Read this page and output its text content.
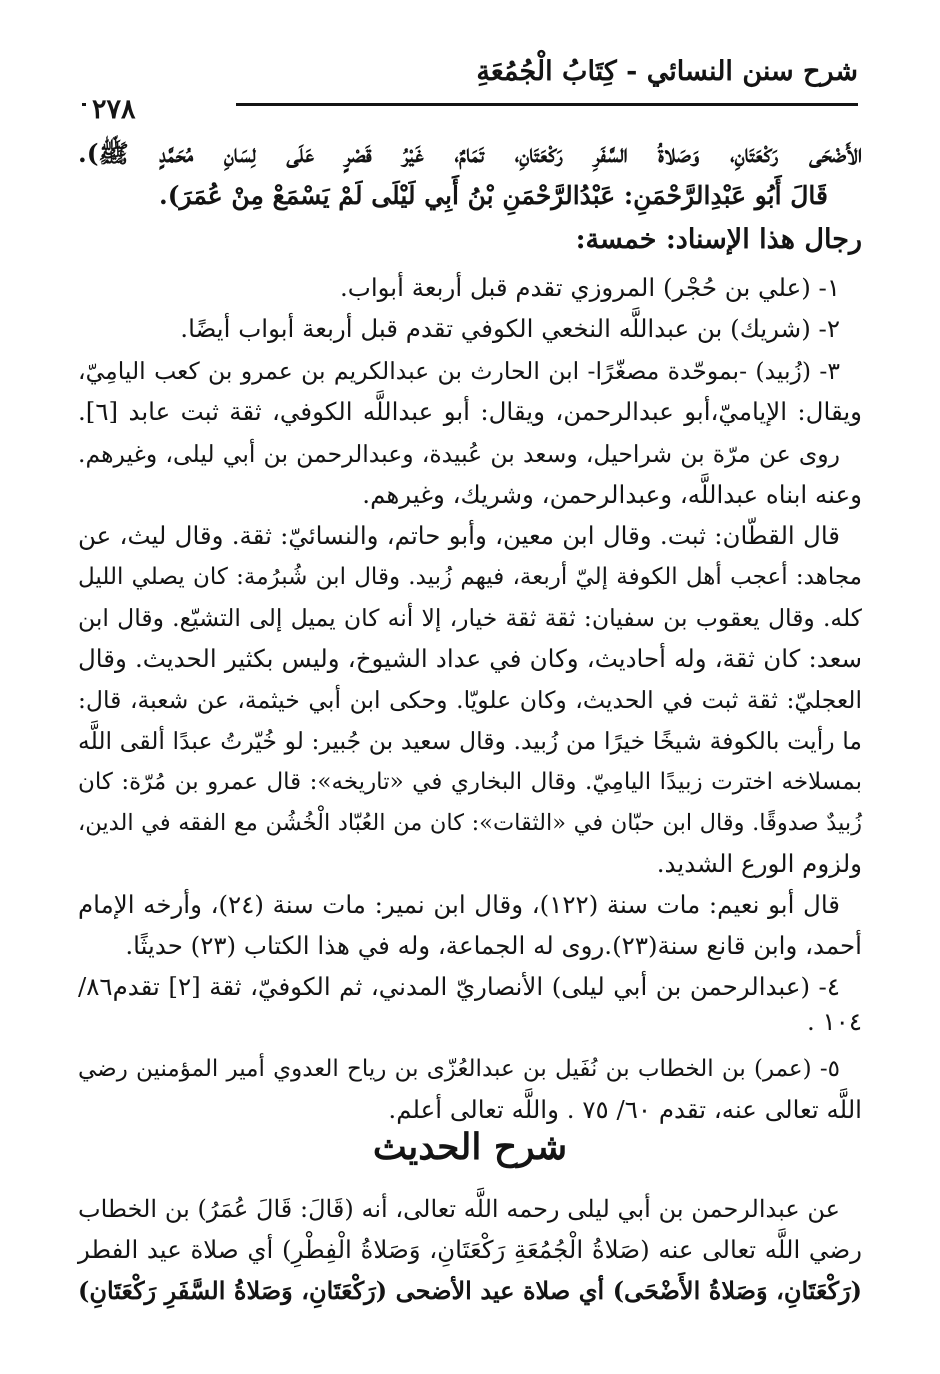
شرح سنن النسائي - كِتَابُ الْجُمُعَةِ
٢٧٨
الأَضْحَى رَكْعَتَانِ، وَصَلاةُ السَّفَرِ رَكْعَتَانِ، تَمَامٌ، غَيْرُ قَصْرٍ عَلَى لِسَانِ مُحَمَّدٍ ﷺ).
قَالَ أَبُو عَبْدِالرَّحْمَنِ: عَبْدُالرَّحْمَنِ بْنُ أَبِي لَيْلَى لَمْ يَسْمَعْ مِنْ عُمَرَ).
رجال هذا الإسناد: خمسة:
١- (علي بن حُجْر) المروزي تقدم قبل أربعة أبواب.
٢- (شريك) بن عبداللَّه النخعي الكوفي تقدم قبل أربعة أبواب أيضًا.
٣- (زُبيد) -بموحّدة مصغّرًا- ابن الحارث بن عبدالكريم بن عمرو بن كعب اليامِيّ،
ويقال: الإياميّ،أبو عبدالرحمن، ويقال: أبو عبداللَّه الكوفي، ثقة ثبت عابد [٦].
روى عن مرّة بن شراحيل، وسعد بن عُبيدة، وعبدالرحمن بن أبي ليلى، وغيرهم.
وعنه ابناه عبداللَّه، وعبدالرحمن، وشريك، وغيرهم.
قال القطّان: ثبت. وقال ابن معين، وأبو حاتم، والنسائيّ: ثقة. وقال ليث، عن
مجاهد: أعجب أهل الكوفة إليّ أربعة، فيهم زُبيد. وقال ابن شُبرُمة: كان يصلي الليل
كله. وقال يعقوب بن سفيان: ثقة ثقة خيار، إلا أنه كان يميل إلى التشيّع. وقال ابن
سعد: كان ثقة، وله أحاديث، وكان في عداد الشيوخ، وليس بكثير الحديث. وقال
العجليّ: ثقة ثبت في الحديث، وكان علويّا. وحكى ابن أبي خيثمة، عن شعبة، قال:
ما رأيت بالكوفة شيخًا خيرًا من زُبيد. وقال سعيد بن جُبير: لو خُيّرتُ عبدًا ألقى اللَّه
بمسلاخه اخترت زبيدًا اليامِيّ. وقال البخاري في «تاريخه»: قال عمرو بن مُرّة: كان
زُبيدٌ صدوقًا. وقال ابن حبّان في «الثقات»: كان من العُبّاد الْخُشُن مع الفقه في الدين،
ولزوم الورع الشديد.
قال أبو نعيم: مات سنة (١٢٢)، وقال ابن نمير: مات سنة (٢٤)، وأرخه الإمام
أحمد، وابن قانع سنة(٢٣).روى له الجماعة، وله في هذا الكتاب (٢٣) حديثًا.
٤- (عبدالرحمن بن أبي ليلى) الأنصاريّ المدني، ثم الكوفيّ، ثقة [٢] تقدم٨٦/
١٠٤ .
٥- (عمر) بن الخطاب بن نُفَيل بن عبدالعُزّى بن رياح العدوي أمير المؤمنين رضي
اللَّه تعالى عنه، تقدم ٦٠/ ٧٥ . واللَّه تعالى أعلم.
شرح الحديث
عن عبدالرحمن بن أبي ليلى رحمه اللَّه تعالى، أنه (قَالَ: قَالَ عُمَرُ) بن الخطاب
رضي اللَّه تعالى عنه (صَلاةُ الْجُمُعَةِ رَكْعَتَانِ، وَصَلاةُ الْفِطْرِ) أي صلاة عيد الفطر
(رَكْعَتَانِ، وَصَلاةُ الأَضْحَى) أي صلاة عيد الأضحى (رَكْعَتَانِ، وَصَلاةُ السَّفَرِ رَكْعَتَانِ)
